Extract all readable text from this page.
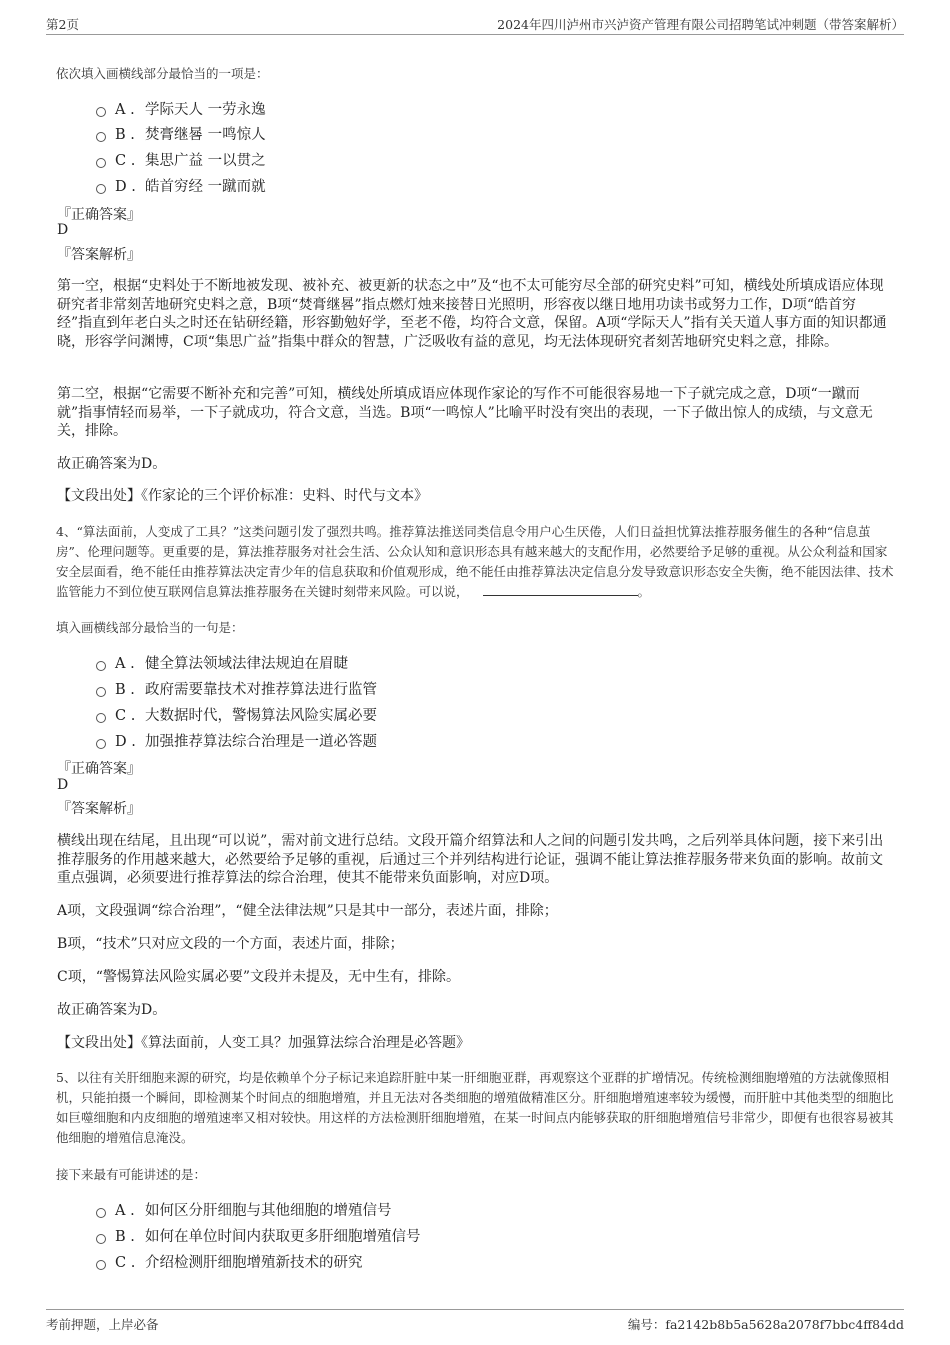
第2页	2024年四川泸州市兴泸资产管理有限公司招聘笔试冲刺题（带答案解析）
依次填入画横线部分最恰当的一项是：
A . 学际天人 一劳永逸
B . 焚膏继晷 一鸣惊人
C . 集思广益 一以贯之
D . 皓首穷经 一蹴而就
『正确答案』
D
『答案解析』
第一空，根据“史料处于不断地被发现、被补充、被更新的状态之中”及“也不太可能穷尽全部的研究史料”可知，横线处所填成语应体现研究者非常刻苦地研究史料之意，B项“焚膏继晷”指点燃灯烛来接替日光照明，形容夜以继日地用功读书或努力工作，D项“皓首穷经”指直到年老白头之时还在钻研经籍，形容勤勉好学，至老不倦，均符合文意，保留。A项“学际天人”指有关天道人事方面的知识都通晓，形容学问渊博，C项“集思广益”指集中群众的智慧，广泛吸收有益的意见，均无法体现研究者刻苦地研究史料之意，排除。
第二空，根据“它需要不断补充和完善”可知，横线处所填成语应体现作家论的写作不可能很容易地一下子就完成之意，D项“一蹴而就”指事情轻而易举，一下子就成功，符合文意，当选。B项“一鸣惊人”比喻平时没有突出的表现，一下子做出惊人的成绩，与文意无关，排除。
故正确答案为D。
【文段出处】《作家论的三个评价标准：史料、时代与文本》
4、“算法面前，人变成了工具？”这类问题引发了强烈共鸣。推荐算法推送同类信息令用户心生厌倦，人们日益担忧算法推荐服务催生的各种“信息茧房”、伦理问题等。更重要的是，算法推荐服务对社会生活、公众认知和意识形态具有越来越大的支配作用，必然要给予足够的重视。从公众利益和国家安全层面看，绝不能任由推荐算法决定青少年的信息获取和价值观形成，绝不能任由推荐算法决定信息分发导致意识形态安全失衡，绝不能因法律、技术监管能力不到位使互联网信息算法推荐服务在关键时刻带来风险。可以说，	。
填入画横线部分最恰当的一句是：
A . 健全算法领域法律法规迫在眉睫
B . 政府需要靠技术对推荐算法进行监管
C . 大数据时代，警惕算法风险实属必要
D . 加强推荐算法综合治理是一道必答题
『正确答案』
D
『答案解析』
横线出现在结尾，且出现“可以说”，需对前文进行总结。文段开篇介绍算法和人之间的问题引发共鸣，之后列举具体问题，接下来引出推荐服务的作用越来越大，必然要给予足够的重视，后通过三个并列结构进行论证，强调不能让算法推荐服务带来负面的影响。故前文重点强调，必须要进行推荐算法的综合治理，使其不能带来负面影响，对应D项。
A项，文段强调“综合治理”，“健全法律法规”只是其中一部分，表述片面，排除；
B项，“技术”只对应文段的一个方面，表述片面，排除；
C项，“警惕算法风险实属必要”文段并未提及，无中生有，排除。
故正确答案为D。
【文段出处】《算法面前，人变工具？加强算法综合治理是必答题》
5、以往有关肝细胞来源的研究，均是依赖单个分子标记来追踪肝脏中某一肝细胞亚群，再观察这个亚群的扩增情况。传统检测细胞增殖的方法就像照相机，只能拍摄一个瞬间，即检测某个时间点的细胞增殖，并且无法对各类细胞的增殖做精准区分。肝细胞增殖速率较为缓慢，而肝脏中其他类型的细胞比如巨噬细胞和内皮细胞的增殖速率又相对较快。用这样的方法检测肝细胞增殖，在某一时间点内能够获取的肝细胞增殖信号非常少，即便有也很容易被其他细胞的增殖信息淹没。
接下来最有可能讲述的是：
A . 如何区分肝细胞与其他细胞的增殖信号
B . 如何在单位时间内获取更多肝细胞增殖信号
C . 介绍检测肝细胞增殖新技术的研究
考前押题，上岸必备	编号：fa2142b8b5a5628a2078f7bbc4ff84dd
